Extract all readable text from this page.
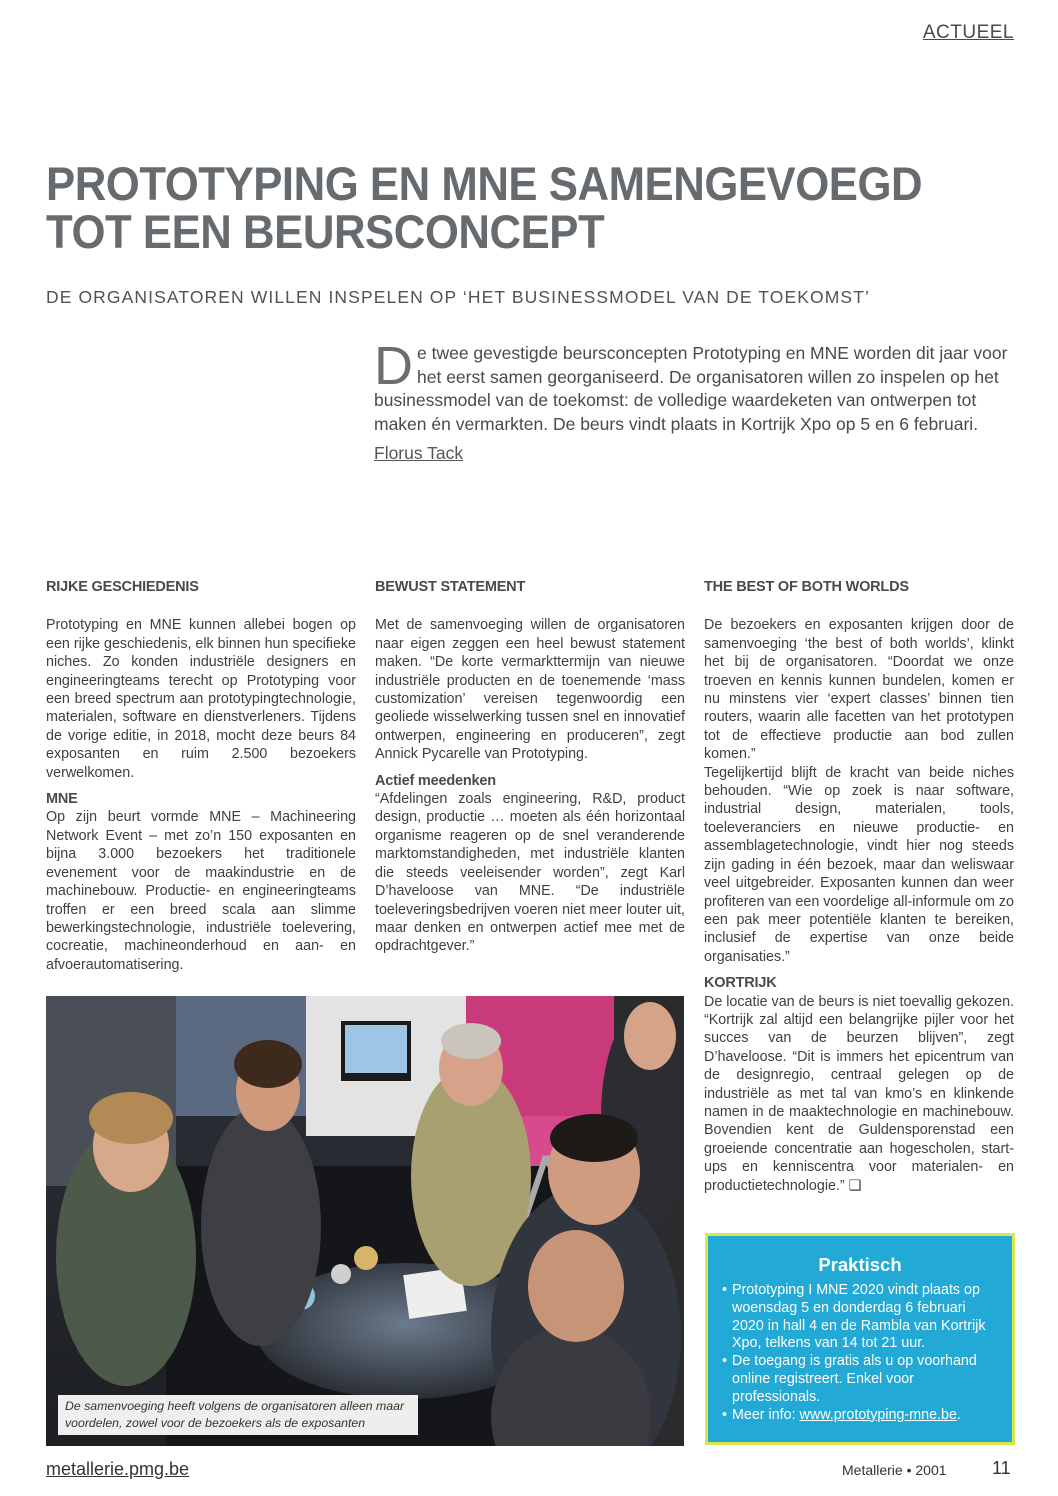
ACTUEEL
PROTOTYPING EN MNE SAMENGEVOEGD
TOT EEN BEURSCONCEPT
DE ORGANISATOREN WILLEN INSPELEN OP ‘HET BUSINESSMODEL VAN DE TOEKOMST’
De twee gevestigde beursconcepten Prototyping en MNE worden dit jaar voor het eerst samen georganiseerd. De organisatoren willen zo inspelen op het businessmodel van de toekomst: de volledige waardeketen van ontwerpen tot maken én vermarkten. De beurs vindt plaats in Kortrijk Xpo op 5 en 6 februari.
Florus Tack
RIJKE GESCHIEDENIS

Prototyping en MNE kunnen allebei bogen op een rijke geschiedenis, elk binnen hun specifieke niches. Zo konden industriële designers en engineeringteams terecht op Prototyping voor een breed spectrum aan prototypingtechnologie, materialen, software en dienstverleners. Tijdens de vorige editie, in 2018, mocht deze beurs 84 exposanten en ruim 2.500 bezoekers verwelkomen.

MNE

Op zijn beurt vormde MNE – Machineering Network Event – met zo’n 150 exposanten en bijna 3.000 bezoekers het traditionele evenement voor de maakindustrie en de machinebouw. Productie- en engineeringteams troffen er een breed scala aan slimme bewerkingstechnologie, industriële toelevering, cocreatie, machineonderhoud en aan- en afvoerautomatisering.

BEWUST STATEMENT

Met de samenvoeging willen de organisatoren naar eigen zeggen een heel bewust statement maken. “De korte vermarkttermijn van nieuwe industriële producten en de toenemende ‘mass customization’ vereisen tegenwoordig een geoliede wisselwerking tussen snel en innovatief ontwerpen, engineering en produceren”, zegt Annick Pycarelle van Prototyping.

Actief meedenken

“Afdelingen zoals engineering, R&D, product design, productie … moeten als één horizontaal organisme reageren op de snel veranderende marktomstandigheden, met industriële klanten die steeds veeleisender worden”, zegt Karl D’haveloose van MNE. “De industriële toeleveringsbedrijven voeren niet meer louter uit, maar denken en ontwerpen actief mee met de opdrachtgever.”

THE BEST OF BOTH WORLDS

De bezoekers en exposanten krijgen door de samenvoeging ‘the best of both worlds’, klinkt het bij de organisatoren. “Doordat we onze troeven en kennis kunnen bundelen, komen er nu minstens vier ‘expert classes’ binnen tien routers, waarin alle facetten van het prototypen tot de effectieve productie aan bod zullen komen.”

Tegelijkertijd blijft de kracht van beide niches behouden. “Wie op zoek is naar software, industrial design, materialen, tools, toeleveranciers en nieuwe productie- en assemblagetechnologie, vindt hier nog steeds zijn gading in één bezoek, maar dan weliswaar veel uitgebreider. Exposanten kunnen dan weer profiteren van een voordelige all-informule om zo een pak meer potentiële klanten te bereiken, inclusief de expertise van onze beide organisaties.”

KORTRIJK

De locatie van de beurs is niet toevallig gekozen. “Kortrijk zal altijd een belangrijke pijler voor het succes van de beurzen blijven”, zegt D’haveloose. “Dit is immers het epicentrum van de designregio, centraal gelegen op de industriële as met tal van kmo’s en klinkende namen in de maaktechnologie en machinebouw. Bovendien kent de Guldensporenstad een groeiende concentratie aan hogescholen, start-ups en kenniscentra voor materialen- en productietechnologie.” ❑

De samenvoeging heeft volgens de organisatoren alleen maar voordelen, zowel voor de bezoekers als de exposanten
Praktisch
• Prototyping I MNE 2020 vindt plaats op woensdag 5 en donderdag 6 februari 2020 in hall 4 en de Rambla van Kortrijk Xpo, telkens van 14 tot 21 uur.
• De toegang is gratis als u op voorhand online registreert. Enkel voor professionals.
• Meer info: www.prototyping-mne.be.
metallerie.pmg.be	Metallerie • 2001	11
